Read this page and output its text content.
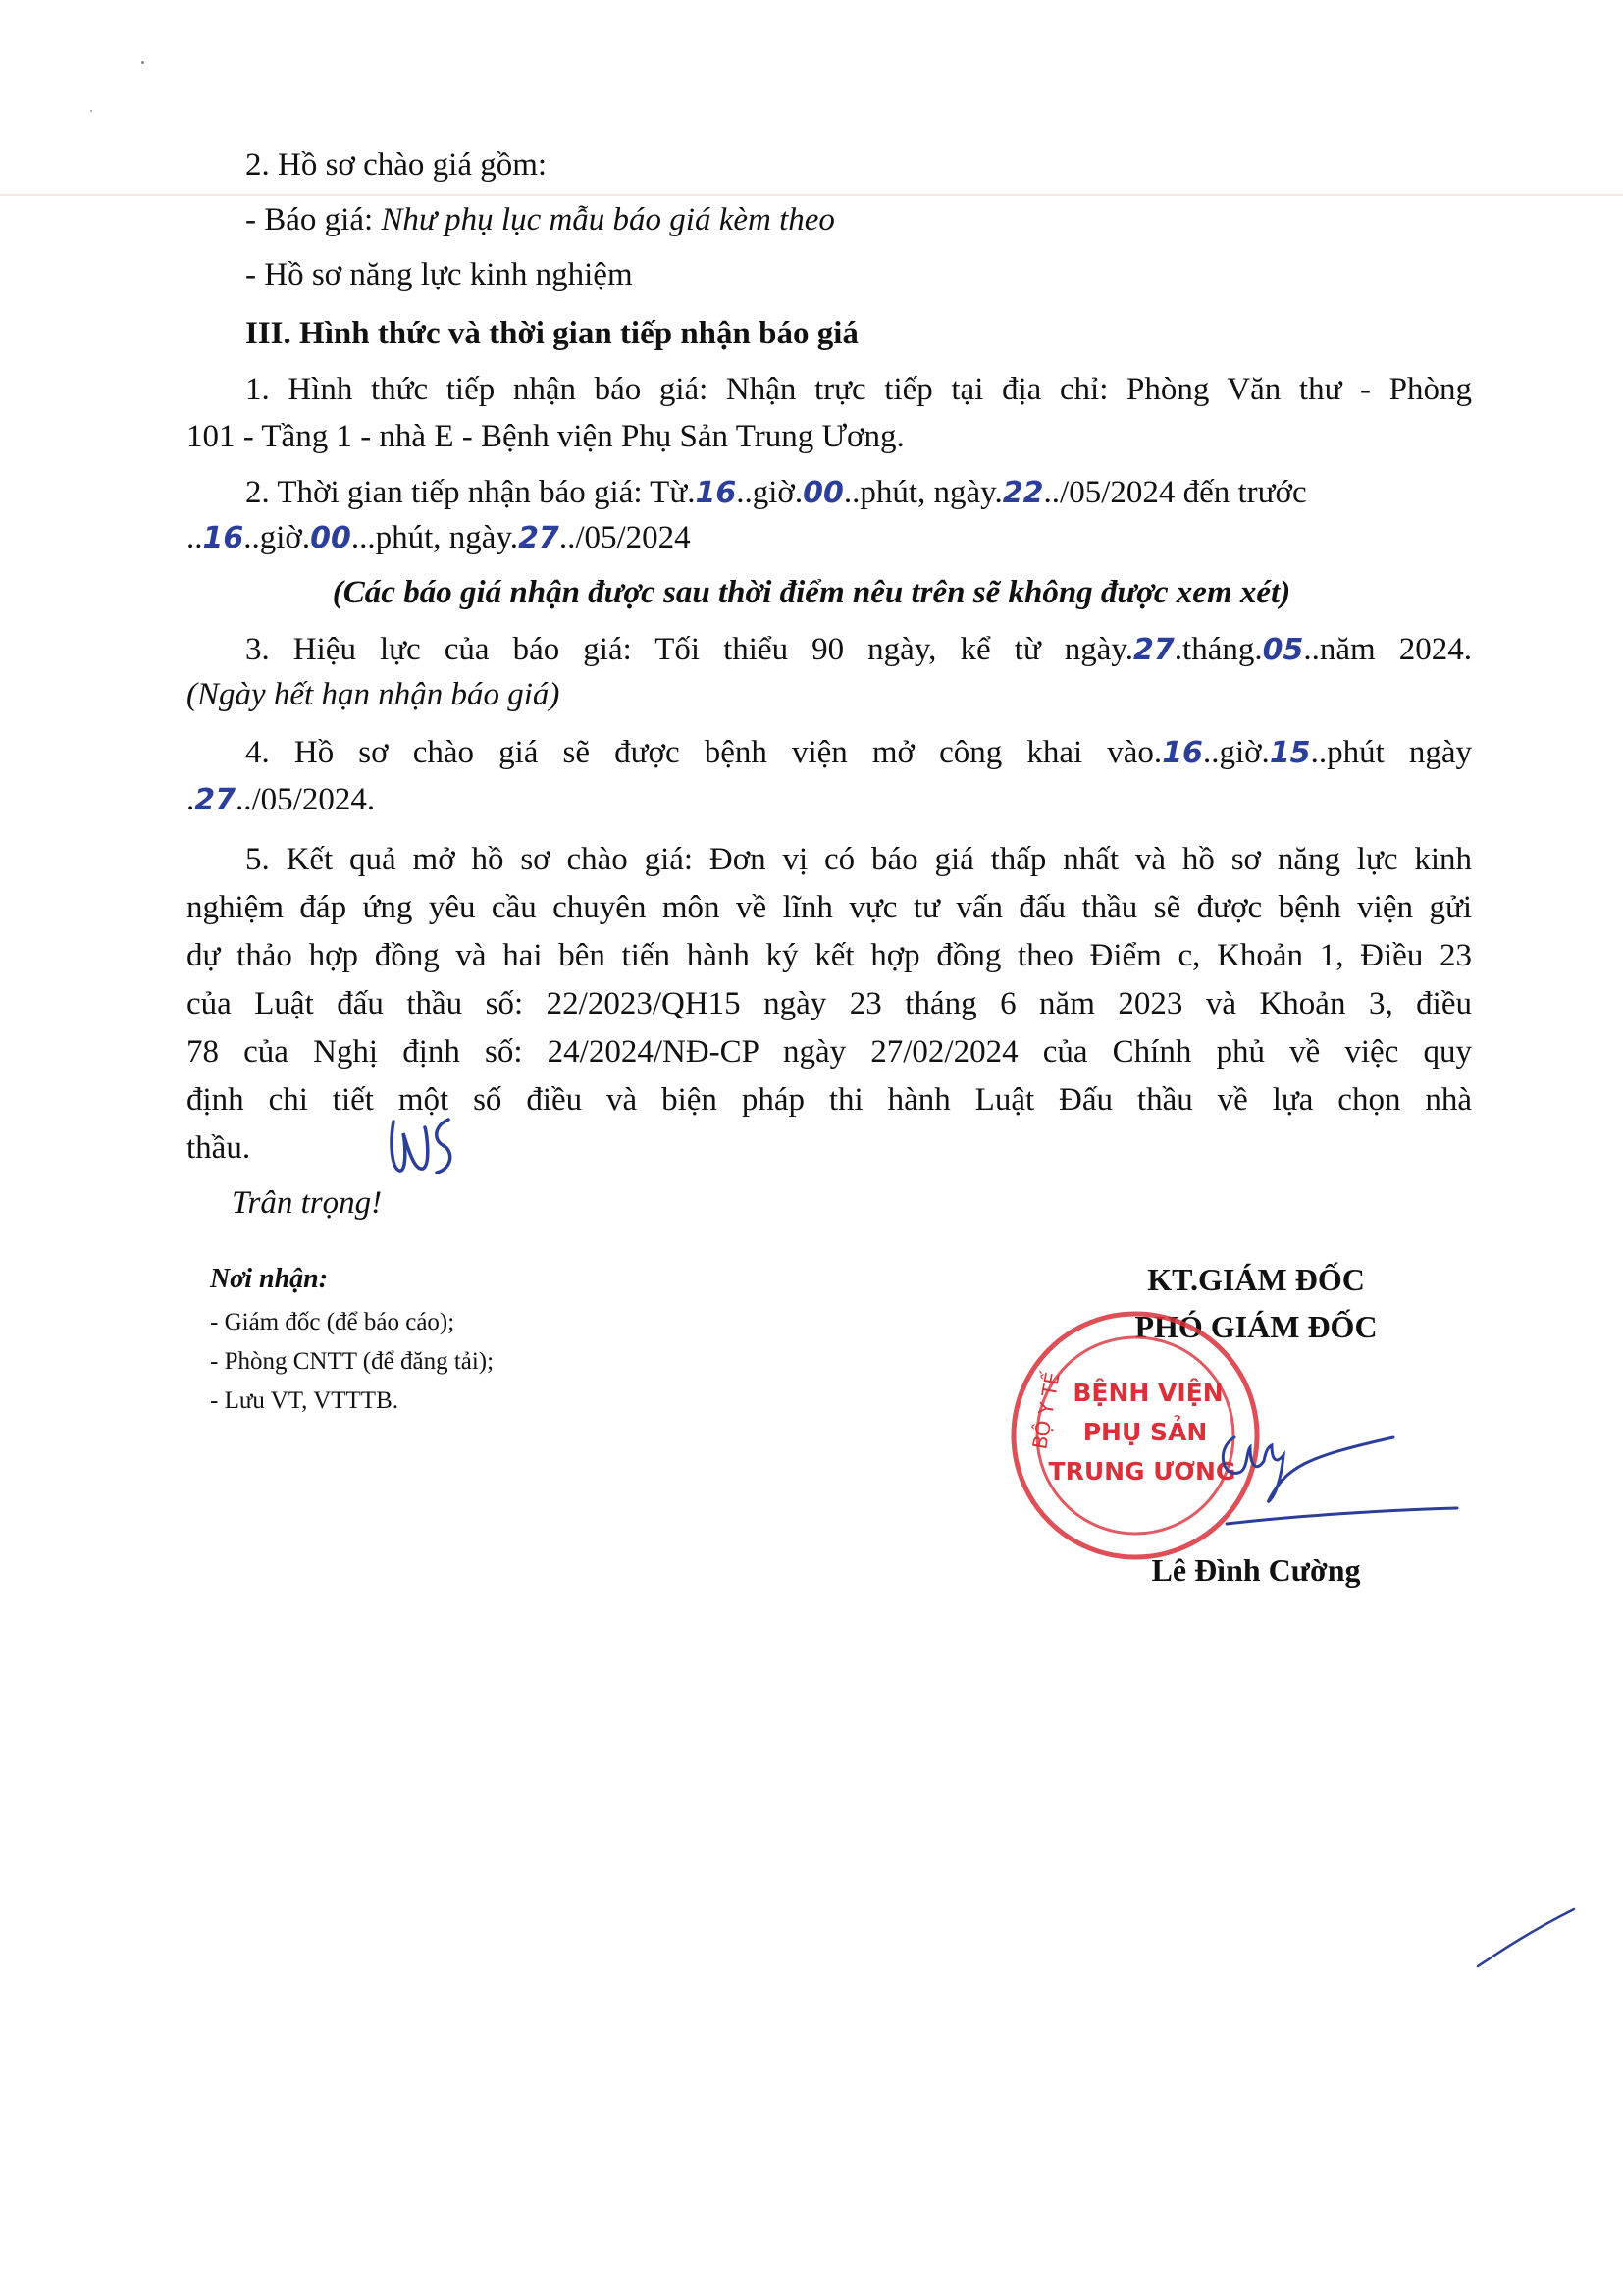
2. Hồ sơ chào giá gồm:

- Báo giá: Như phụ lục mẫu báo giá kèm theo

- Hồ sơ năng lực kinh nghiệm

III. Hình thức và thời gian tiếp nhận báo giá

1. Hình thức tiếp nhận báo giá: Nhận trực tiếp tại địa chỉ: Phòng Văn thư - Phòng

101 - Tầng 1 - nhà E - Bệnh viện Phụ Sản Trung Ương.

2. Thời gian tiếp nhận báo giá: Từ.16..giờ.00..phút, ngày.22../05/2024 đến trước

..16..giờ.00...phút, ngày.27../05/2024

(Các báo giá nhận được sau thời điểm nêu trên sẽ không được xem xét)

3. Hiệu lực của báo giá: Tối thiểu 90 ngày, kể từ ngày.27.tháng.05..năm 2024.

(Ngày hết hạn nhận báo giá)

4. Hồ sơ chào giá sẽ được bệnh viện mở công khai vào.16..giờ.15..phút ngày

.27../05/2024.

5. Kết quả mở hồ sơ chào giá: Đơn vị có báo giá thấp nhất và hồ sơ năng lực kinh

nghiệm đáp ứng yêu cầu chuyên môn về lĩnh vực tư vấn đấu thầu sẽ được bệnh viện gửi

dự thảo hợp đồng và hai bên tiến hành ký kết hợp đồng theo Điểm c, Khoản 1, Điều 23

của Luật đấu thầu số: 22/2023/QH15 ngày 23 tháng 6 năm 2023 và Khoản 3, điều

78 của Nghị định số: 24/2024/NĐ-CP ngày 27/02/2024 của Chính phủ về việc quy

định chi tiết một số điều và biện pháp thi hành Luật Đấu thầu về lựa chọn nhà

thầu.

Trân trọng!

Nơi nhận:
- Giám đốc (để báo cáo);
- Phòng CNTT (để đăng tải);
- Lưu VT, VTTTB.
KT.GIÁM ĐỐC
PHÓ GIÁM ĐỐC
BỘ Y TẾ BỆNH VIỆN
PHỤ SẢN
TRUNG ƯƠNG
Lê Đình Cường
